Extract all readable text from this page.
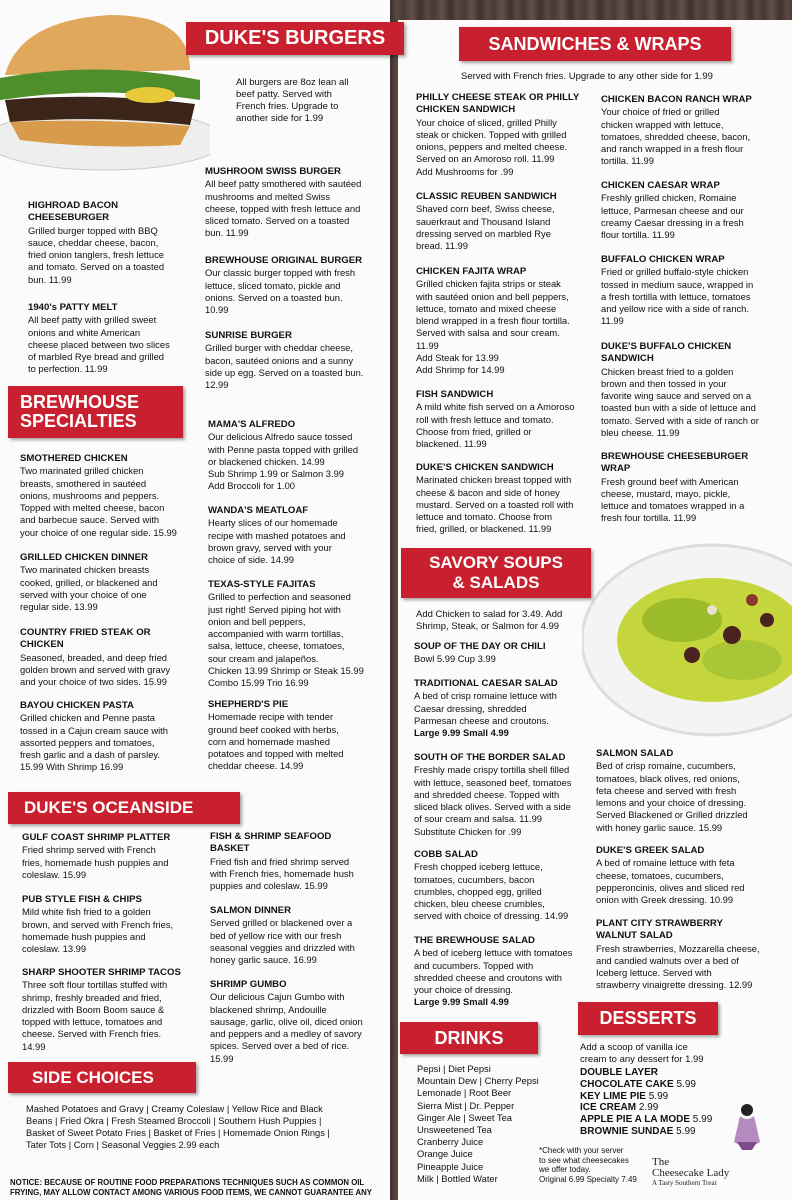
DUKE'S BURGERS
All burgers are 8oz lean all
beef patty. Served with
French fries. Upgrade to
another side for 1.99
HIGHROAD BACON
CHEESEBURGER

Grilled burger topped with BBQ
sauce, cheddar cheese, bacon,
fried onion tanglers, fresh lettuce
and tomato. Served on a toasted
bun. 11.99

1940's PATTY MELT

All beef patty with grilled sweet
onions and white American
cheese placed between two slices
of marbled Rye bread and grilled
to perfection. 11.99

MUSHROOM SWISS BURGER

All beef patty smothered with sautéed
mushrooms and melted Swiss
cheese, topped with fresh lettuce and
sliced tomato. Served on a toasted
bun. 11.99

BREWHOUSE ORIGINAL BURGER

Our classic burger topped with fresh
lettuce, sliced tomato, pickle and
onions. Served on a toasted bun.
10.99

SUNRISE BURGER

Grilled burger with cheddar cheese,
bacon, sautéed onions and a sunny
side up egg. Served on a toasted bun.
12.99

BREWHOUSE
SPECIALTIES
SMOTHERED CHICKEN

Two marinated grilled chicken
breasts, smothered in sautéed
onions, mushrooms and peppers.
Topped with melted cheese, bacon
and barbecue sauce. Served with
your choice of one regular side. 15.99

GRILLED CHICKEN DINNER

Two marinated chicken breasts
cooked, grilled, or blackened and
served with your choice of one
regular side. 13.99

COUNTRY FRIED STEAK OR
CHICKEN

Seasoned, breaded, and deep fried
golden brown and served with gravy
and your choice of two sides. 15.99

BAYOU CHICKEN PASTA

Grilled chicken and Penne pasta
tossed in a Cajun cream sauce with
assorted peppers and tomatoes,
fresh garlic and a dash of parsley.
15.99 With Shrimp 16.99

MAMA'S ALFREDO

Our delicious Alfredo sauce tossed
with Penne pasta topped with grilled
or blackened chicken. 14.99
Sub Shrimp 1.99 or Salmon 3.99
Add Broccoli for 1.00

WANDA'S MEATLOAF

Hearty slices of our homemade
recipe with mashed potatoes and
brown gravy, served with your
choice of side. 14.99

TEXAS-STYLE FAJITAS

Grilled to perfection and seasoned
just right! Served piping hot with
onion and bell peppers,
accompanied with warm tortillas,
salsa, lettuce, cheese, tomatoes,
sour cream and jalapeños.
Chicken 13.99 Shrimp or Steak 15.99
Combo 15.99 Trio 16.99

SHEPHERD'S PIE

Homemade recipe with tender
ground beef cooked with herbs,
corn and homemade mashed
potatoes and topped with melted
cheddar cheese. 14.99

DUKE'S OCEANSIDE
GULF COAST SHRIMP PLATTER

Fried shrimp served with French
fries, homemade hush puppies and
coleslaw. 15.99

PUB STYLE FISH & CHIPS

Mild white fish fried to a golden
brown, and served with French fries,
homemade hush puppies and
coleslaw. 13.99

SHARP SHOOTER SHRIMP TACOS

Three soft flour tortillas stuffed with
shrimp, freshly breaded and fried,
drizzled with Boom Boom sauce &
topped with lettuce, tomatoes and
cheese. Served with French fries.
14.99

FISH & SHRIMP SEAFOOD
BASKET

Fried fish and fried shrimp served
with French fries, homemade hush
puppies and coleslaw. 15.99

SALMON DINNER

Served grilled or blackened over a
bed of yellow rice with our fresh
seasonal veggies and drizzled with
honey garlic sauce. 16.99

SHRIMP GUMBO

Our delicious Cajun Gumbo with
blackened shrimp, Andouille
sausage, garlic, olive oil, diced onion
and peppers and a medley of savory
spices. Served over a bed of rice.
15.99

SIDE CHOICES
Mashed Potatoes and Gravy | Creamy Coleslaw | Yellow Rice and Black
Beans | Fried Okra | Fresh Steamed Broccoli | Southern Hush Puppies |
Basket of Sweet Potato Fries | Basket of Fries | Homemade Onion Rings |
Tater Tots | Corn | Seasonal Veggies 2.99 each
NOTICE: BECAUSE OF ROUTINE FOOD PREPARATIONS TECHNIQUES SUCH AS COMMON OIL
FRYING, MAY ALLOW CONTACT AMONG VARIOUS FOOD ITEMS, WE CANNOT GUARANTEE ANY
SANDWICHES & WRAPS
Served with French fries. Upgrade to any other side for 1.99
PHILLY CHEESE STEAK OR PHILLY
CHICKEN SANDWICH

Your choice of sliced, grilled Philly
steak or chicken. Topped with grilled
onions, peppers and melted cheese.
Served on an Amoroso roll. 11.99
Add Mushrooms for .99

CLASSIC REUBEN SANDWICH

Shaved corn beef, Swiss cheese,
sauerkraut and Thousand Island
dressing served on marbled Rye
bread. 11.99

CHICKEN FAJITA WRAP

Grilled chicken fajita strips or steak
with sautéed onion and bell peppers,
lettuce, tomato and mixed cheese
blend wrapped in a fresh flour tortilla.
Served with salsa and sour cream.
11.99
Add Steak for 13.99
Add Shrimp for 14.99

FISH SANDWICH

A mild white fish served on a Amoroso
roll with fresh lettuce and tomato.
Choose from fried, grilled or
blackened. 11.99

DUKE'S CHICKEN SANDWICH

Marinated chicken breast topped with
cheese & bacon and side of honey
mustard. Served on a toasted roll with
lettuce and tomato. Choose from
fried, grilled, or blackened. 11.99

CHICKEN BACON RANCH WRAP

Your choice of fried or grilled
chicken wrapped with lettuce,
tomatoes, shredded cheese, bacon,
and ranch wrapped in a fresh flour
tortilla. 11.99

CHICKEN CAESAR WRAP

Freshly grilled chicken, Romaine
lettuce, Parmesan cheese and our
creamy Caesar dressing in a fresh
flour tortilla. 11.99

BUFFALO CHICKEN WRAP

Fried or grilled buffalo-style chicken
tossed in medium sauce, wrapped in
a fresh tortilla with lettuce, tomatoes
and yellow rice with a side of ranch.
11.99

DUKE'S BUFFALO CHICKEN
SANDWICH

Chicken breast fried to a golden
brown and then tossed in your
favorite wing sauce and served on a
toasted bun with a side of lettuce and
tomato. Served with a side of ranch or
bleu cheese. 11.99

BREWHOUSE CHEESEBURGER
WRAP

Fresh ground beef with American
cheese, mustard, mayo, pickle,
lettuce and tomatoes wrapped in a
fresh four tortilla. 11.99

SAVORY SOUPS
& SALADS
Add Chicken to salad for 3.49. Add
Shrimp, Steak, or Salmon for 4.99
SOUP OF THE DAY OR CHILI

Bowl 5.99 Cup 3.99

TRADITIONAL CAESAR SALAD

A bed of crisp romaine lettuce with
Caesar dressing, shredded
Parmesan cheese and croutons.

Large 9.99 Small 4.99

SOUTH OF THE BORDER SALAD

Freshly made crispy tortilla shell filled
with lettuce, seasoned beef, tomatoes
and shredded cheese. Topped with
sliced black olives. Served with a side
of sour cream and salsa. 11.99
Substitute Chicken for .99

COBB SALAD

Fresh chopped iceberg lettuce,
tomatoes, cucumbers, bacon
crumbles, chopped egg, grilled
chicken, bleu cheese crumbles,
served with choice of dressing. 14.99

THE BREWHOUSE SALAD

A bed of iceberg lettuce with tomatoes
and cucumbers. Topped with
shredded cheese and croutons with
your choice of dressing.

Large 9.99 Small 4.99

SALMON SALAD

Bed of crisp romaine, cucumbers,
tomatoes, black olives, red onions,
feta cheese and served with fresh
lemons and your choice of dressing.
Served Blackened or Grilled drizzled
with honey garlic sauce. 15.99

DUKE'S GREEK SALAD

A bed of romaine lettuce with feta
cheese, tomatoes, cucumbers,
pepperoncinis, olives and sliced red
onion with Greek dressing. 10.99

PLANT CITY STRAWBERRY
WALNUT SALAD

Fresh strawberries, Mozzarella cheese,
and candied walnuts over a bed of
Iceberg lettuce. Served with
strawberry vinaigrette dressing. 12.99

DRINKS
Pepsi | Diet Pepsi
Mountain Dew | Cherry Pepsi
Lemonade | Root Beer
Sierra Mist | Dr. Pepper
Ginger Ale | Sweet Tea
Unsweetened Tea
Cranberry Juice
Orange Juice
Pineapple Juice
Milk | Bottled Water
*Check with your server
to see what cheesecakes
we offer today.
Original 6.99 Specialty 7.49
DESSERTS
Add a scoop of vanilla ice
cream to any dessert for 1.99
DOUBLE LAYER
CHOCOLATE CAKE 5.99
KEY LIME PIE 5.99
ICE CREAM 2.99
APPLE PIE A LA MODE 5.99
BROWNIE SUNDAE 5.99
The
Cheesecake Lady
A Tasty Southern Treat
